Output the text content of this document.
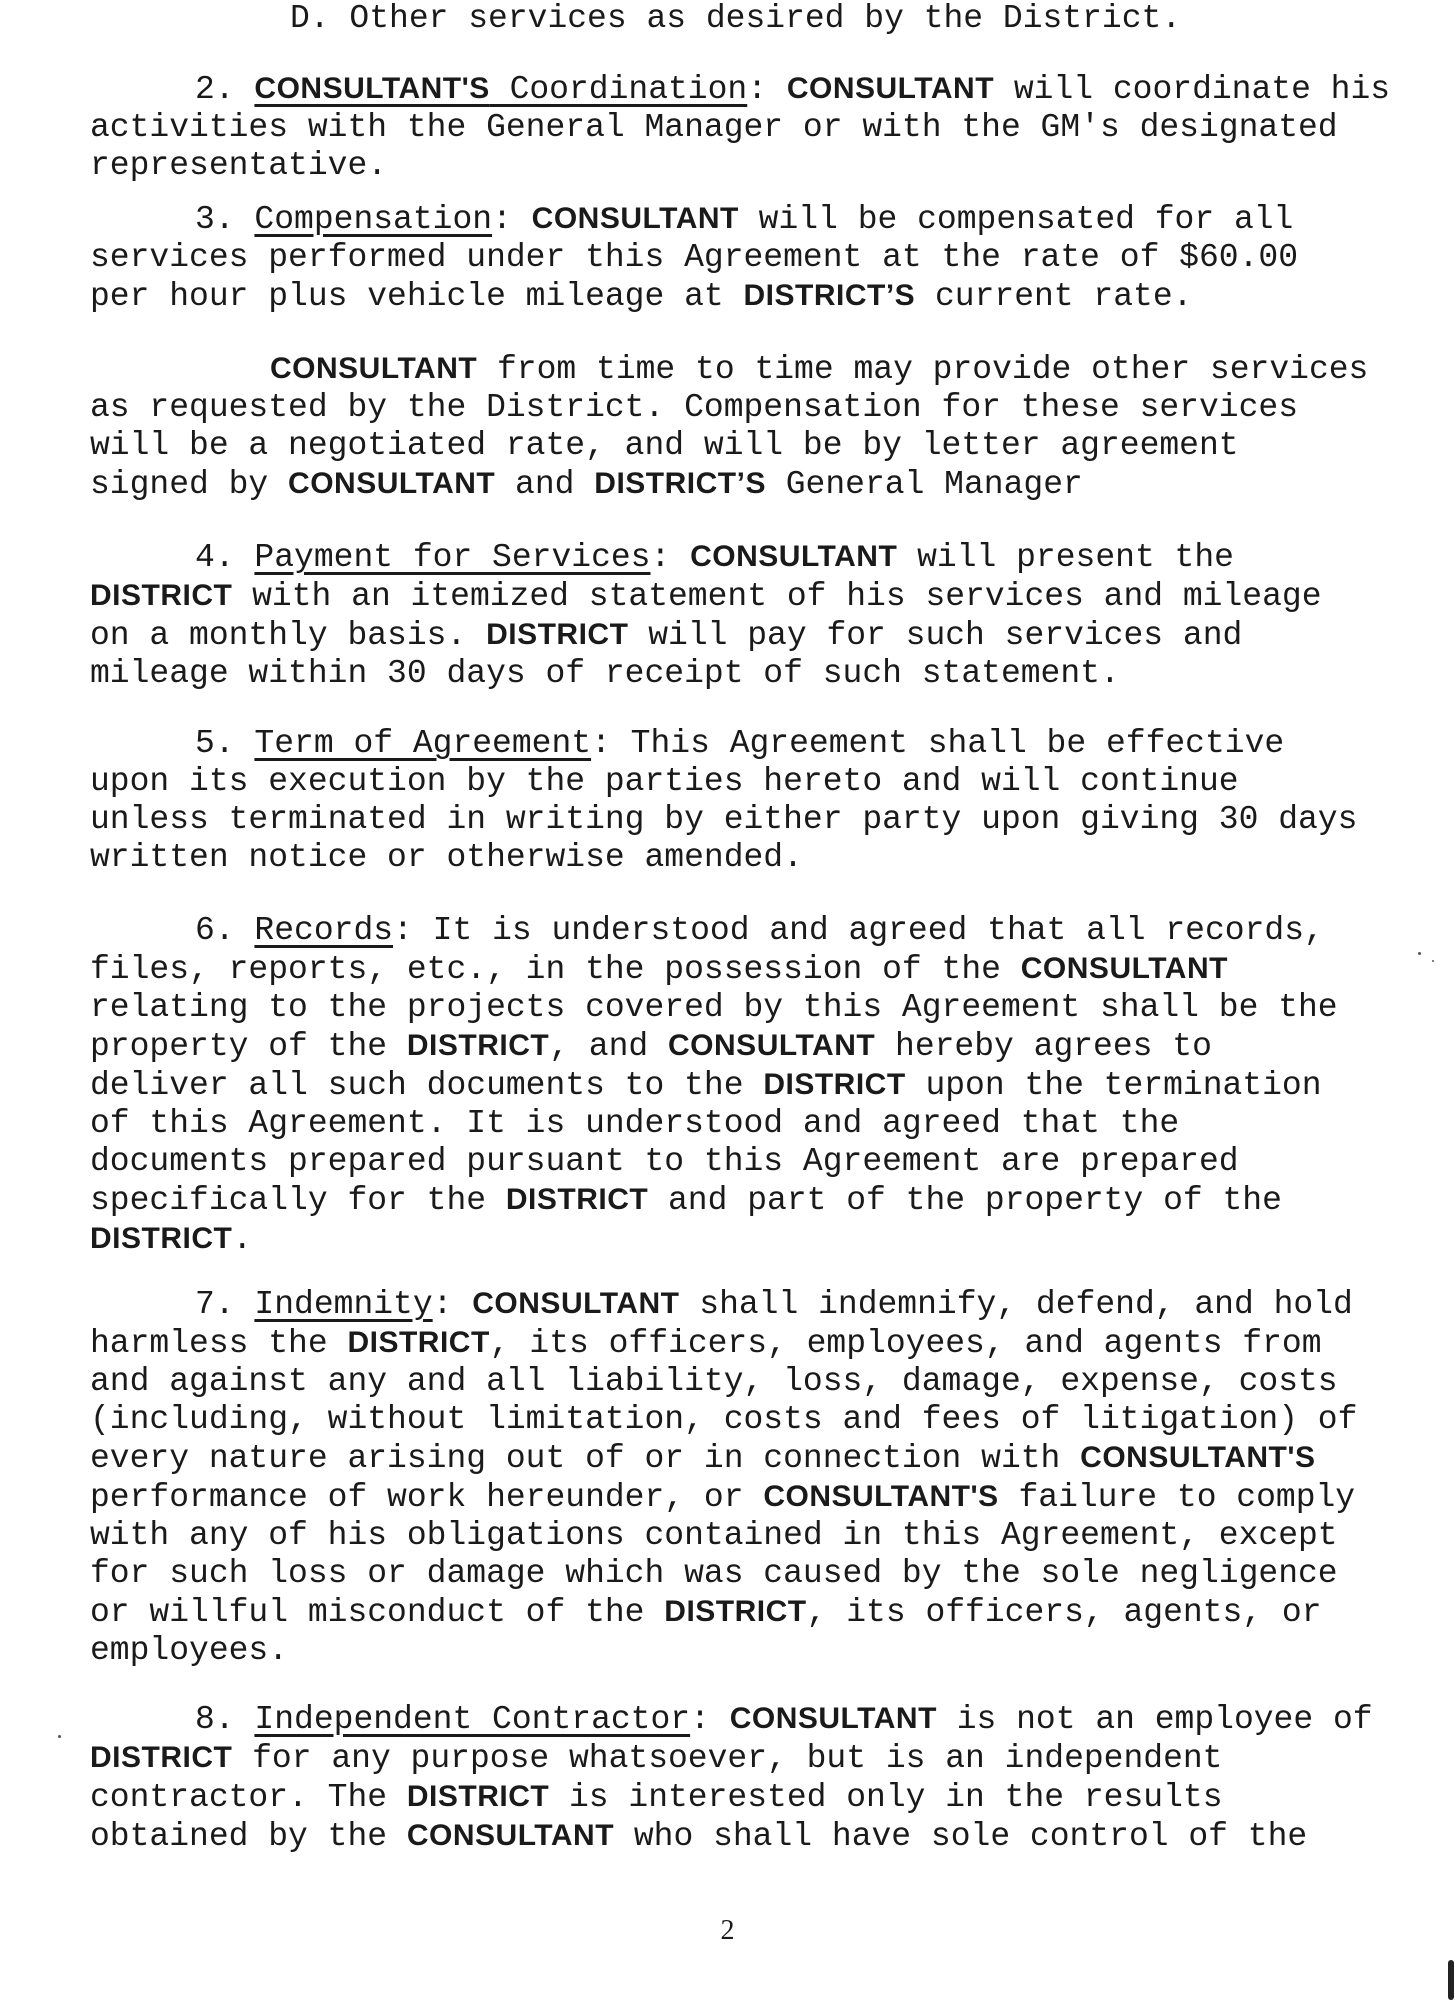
D. Other services as desired by the District.
2. CONSULTANT'S Coordination: CONSULTANT will coordinate his
activities with the General Manager or with the GM's designated
representative.
3. Compensation: CONSULTANT will be compensated for all
services performed under this Agreement at the rate of $60.00
per hour plus vehicle mileage at DISTRICT’S current rate.
CONSULTANT from time to time may provide other services
as requested by the District. Compensation for these services
will be a negotiated rate, and will be by letter agreement
signed by CONSULTANT and DISTRICT’S General Manager
4. Payment for Services: CONSULTANT will present the
DISTRICT with an itemized statement of his services and mileage
on a monthly basis. DISTRICT will pay for such services and
mileage within 30 days of receipt of such statement.
5. Term of Agreement: This Agreement shall be effective
upon its execution by the parties hereto and will continue
unless terminated in writing by either party upon giving 30 days
written notice or otherwise amended.
6. Records: It is understood and agreed that all records,
files, reports, etc., in the possession of the CONSULTANT
relating to the projects covered by this Agreement shall be the
property of the DISTRICT, and CONSULTANT hereby agrees to
deliver all such documents to the DISTRICT upon the termination
of this Agreement. It is understood and agreed that the
documents prepared pursuant to this Agreement are prepared
specifically for the DISTRICT and part of the property of the
DISTRICT.
7. Indemnity: CONSULTANT shall indemnify, defend, and hold
harmless the DISTRICT, its officers, employees, and agents from
and against any and all liability, loss, damage, expense, costs
(including, without limitation, costs and fees of litigation) of
every nature arising out of or in connection with CONSULTANT'S
performance of work hereunder, or CONSULTANT'S failure to comply
with any of his obligations contained in this Agreement, except
for such loss or damage which was caused by the sole negligence
or willful misconduct of the DISTRICT, its officers, agents, or
employees.
8. Independent Contractor: CONSULTANT is not an employee of
DISTRICT for any purpose whatsoever, but is an independent
contractor. The DISTRICT is interested only in the results
obtained by the CONSULTANT who shall have sole control of the
2
